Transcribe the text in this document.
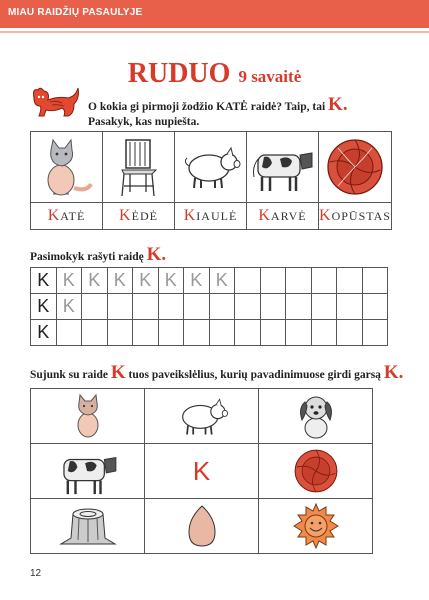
MIAU RAIDŽIŲ PASAULYJE
RUDUO 9 savaitė
O kokia gi pirmoji žodžio KATĖ raidė? Taip, tai K.
Pasakyk, kas nupiešta.

KATĖ	KĖDĖ	KIAULĖ	KARVĖ	KOPŪSTAS
Pasimokyk rašyti raidę K.
K	K	K	K	K	K	K	K						
K	K												
K													
Sujunk su raide K tuos paveikslėlius, kurių pavadinimuose girdi garsą K.

	K	

12
